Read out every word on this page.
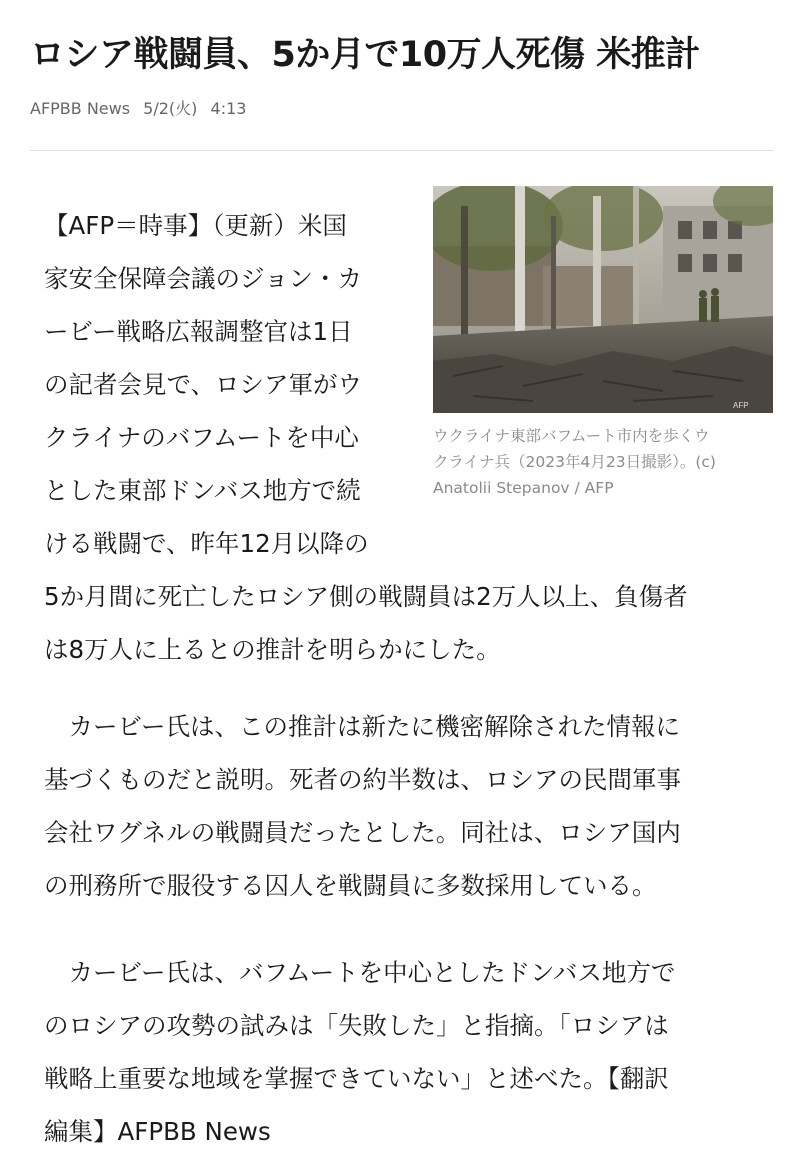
ロシア戦闘員、5か月で10万人死傷 米推計
AFPBB News 5/2(火) 4:13
AFP
ウクライナ東部バフムート市内を歩くウ
クライナ兵（2023年4月23日撮影）。(c)
Anatolii Stepanov / AFP
【AFP＝時事】（更新）米国
家安全保障会議のジョン・カ
ービー戦略広報調整官は1日
の記者会見で、ロシア軍がウ
クライナのバフムートを中心
とした東部ドンバス地方で続
ける戦闘で、昨年12月以降の
5か月間に死亡したロシア側の戦闘員は2万人以上、負傷者
は8万人に上るとの推計を明らかにした。
　カービー氏は、この推計は新たに機密解除された情報に
基づくものだと説明。死者の約半数は、ロシアの民間軍事
会社ワグネルの戦闘員だったとした。同社は、ロシア国内
の刑務所で服役する囚人を戦闘員に多数採用している。
　カービー氏は、バフムートを中心としたドンバス地方で
のロシアの攻勢の試みは「失敗した」と指摘。「ロシアは
戦略上重要な地域を掌握できていない」と述べた。【翻訳
編集】AFPBB News
